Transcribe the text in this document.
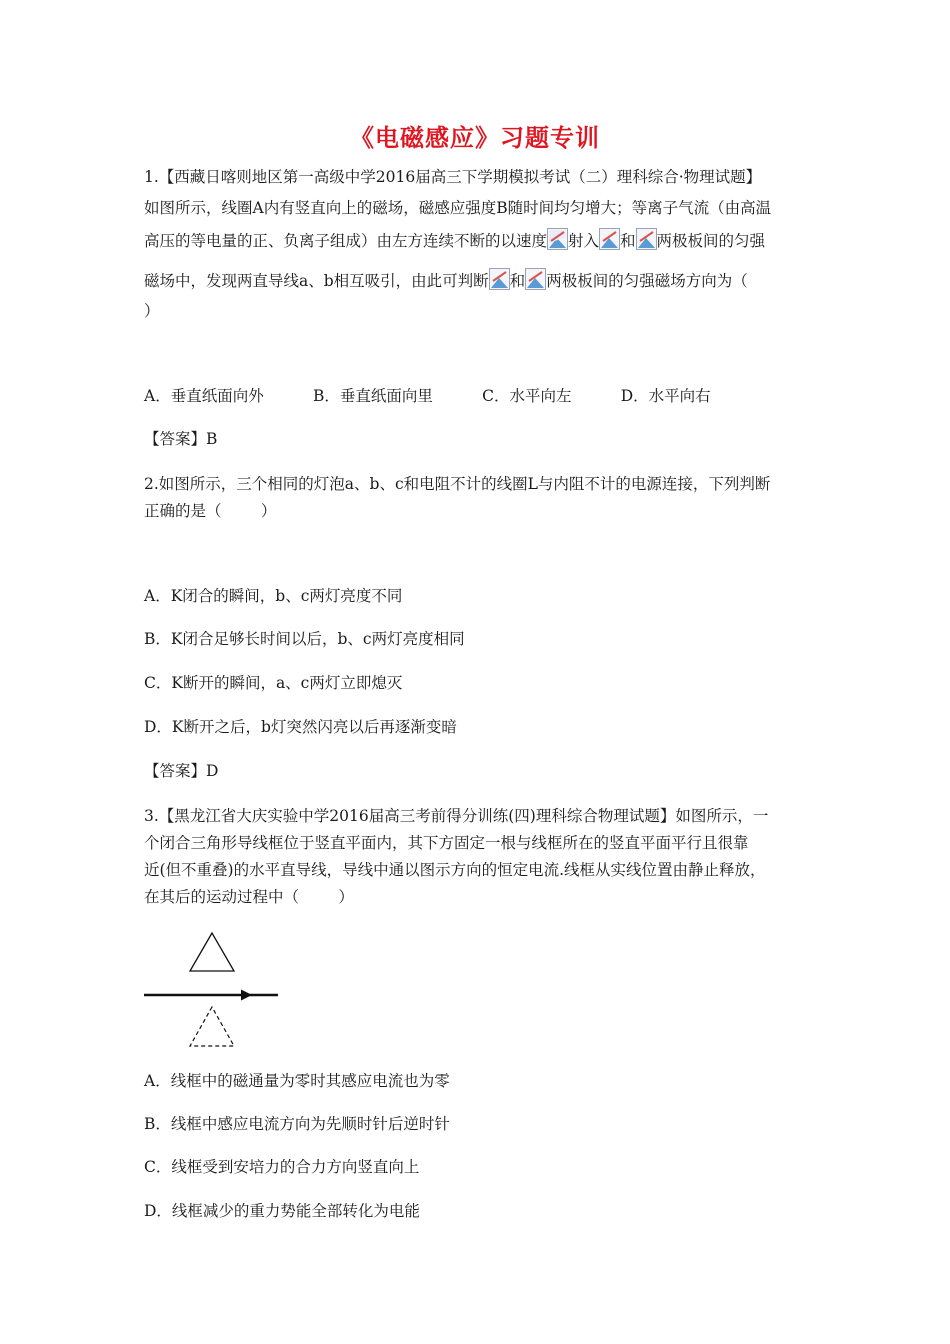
《电磁感应》习题专训
1.【西藏日喀则地区第一高级中学2016届高三下学期模拟考试（二）理科综合·物理试题】
如图所示，线圈A内有竖直向上的磁场，磁感应强度B随时间均匀增大；等离子气流（由高温
高压的等电量的正、负离子组成）由左方连续不断的以速度 射入 和 两极板间的匀强
磁场中，发现两直导线a、b相互吸引，由此可判断 和 两极板间的匀强磁场方向为（
）
A．垂直纸面向外          B．垂直纸面向里          C．水平向左          D．水平向右
【答案】B
2.如图所示，三个相同的灯泡a、b、c和电阻不计的线圈L与内阻不计的电源连接，下列判断
正确的是（        ）
A．K闭合的瞬间，b、c两灯亮度不同
B．K闭合足够长时间以后，b、c两灯亮度相同
C．K断开的瞬间，a、c两灯立即熄灭
D．K断开之后，b灯突然闪亮以后再逐渐变暗
【答案】D
3.【黑龙江省大庆实验中学2016届高三考前得分训练(四)理科综合物理试题】如图所示，一
个闭合三角形导线框位于竖直平面内，其下方固定一根与线框所在的竖直平面平行且很靠
近(但不重叠)的水平直导线，导线中通以图示方向的恒定电流.线框从实线位置由静止释放，
在其后的运动过程中（        ）
A．线框中的磁通量为零时其感应电流也为零
B．线框中感应电流方向为先顺时针后逆时针
C．线框受到安培力的合力方向竖直向上
D．线框减少的重力势能全部转化为电能
